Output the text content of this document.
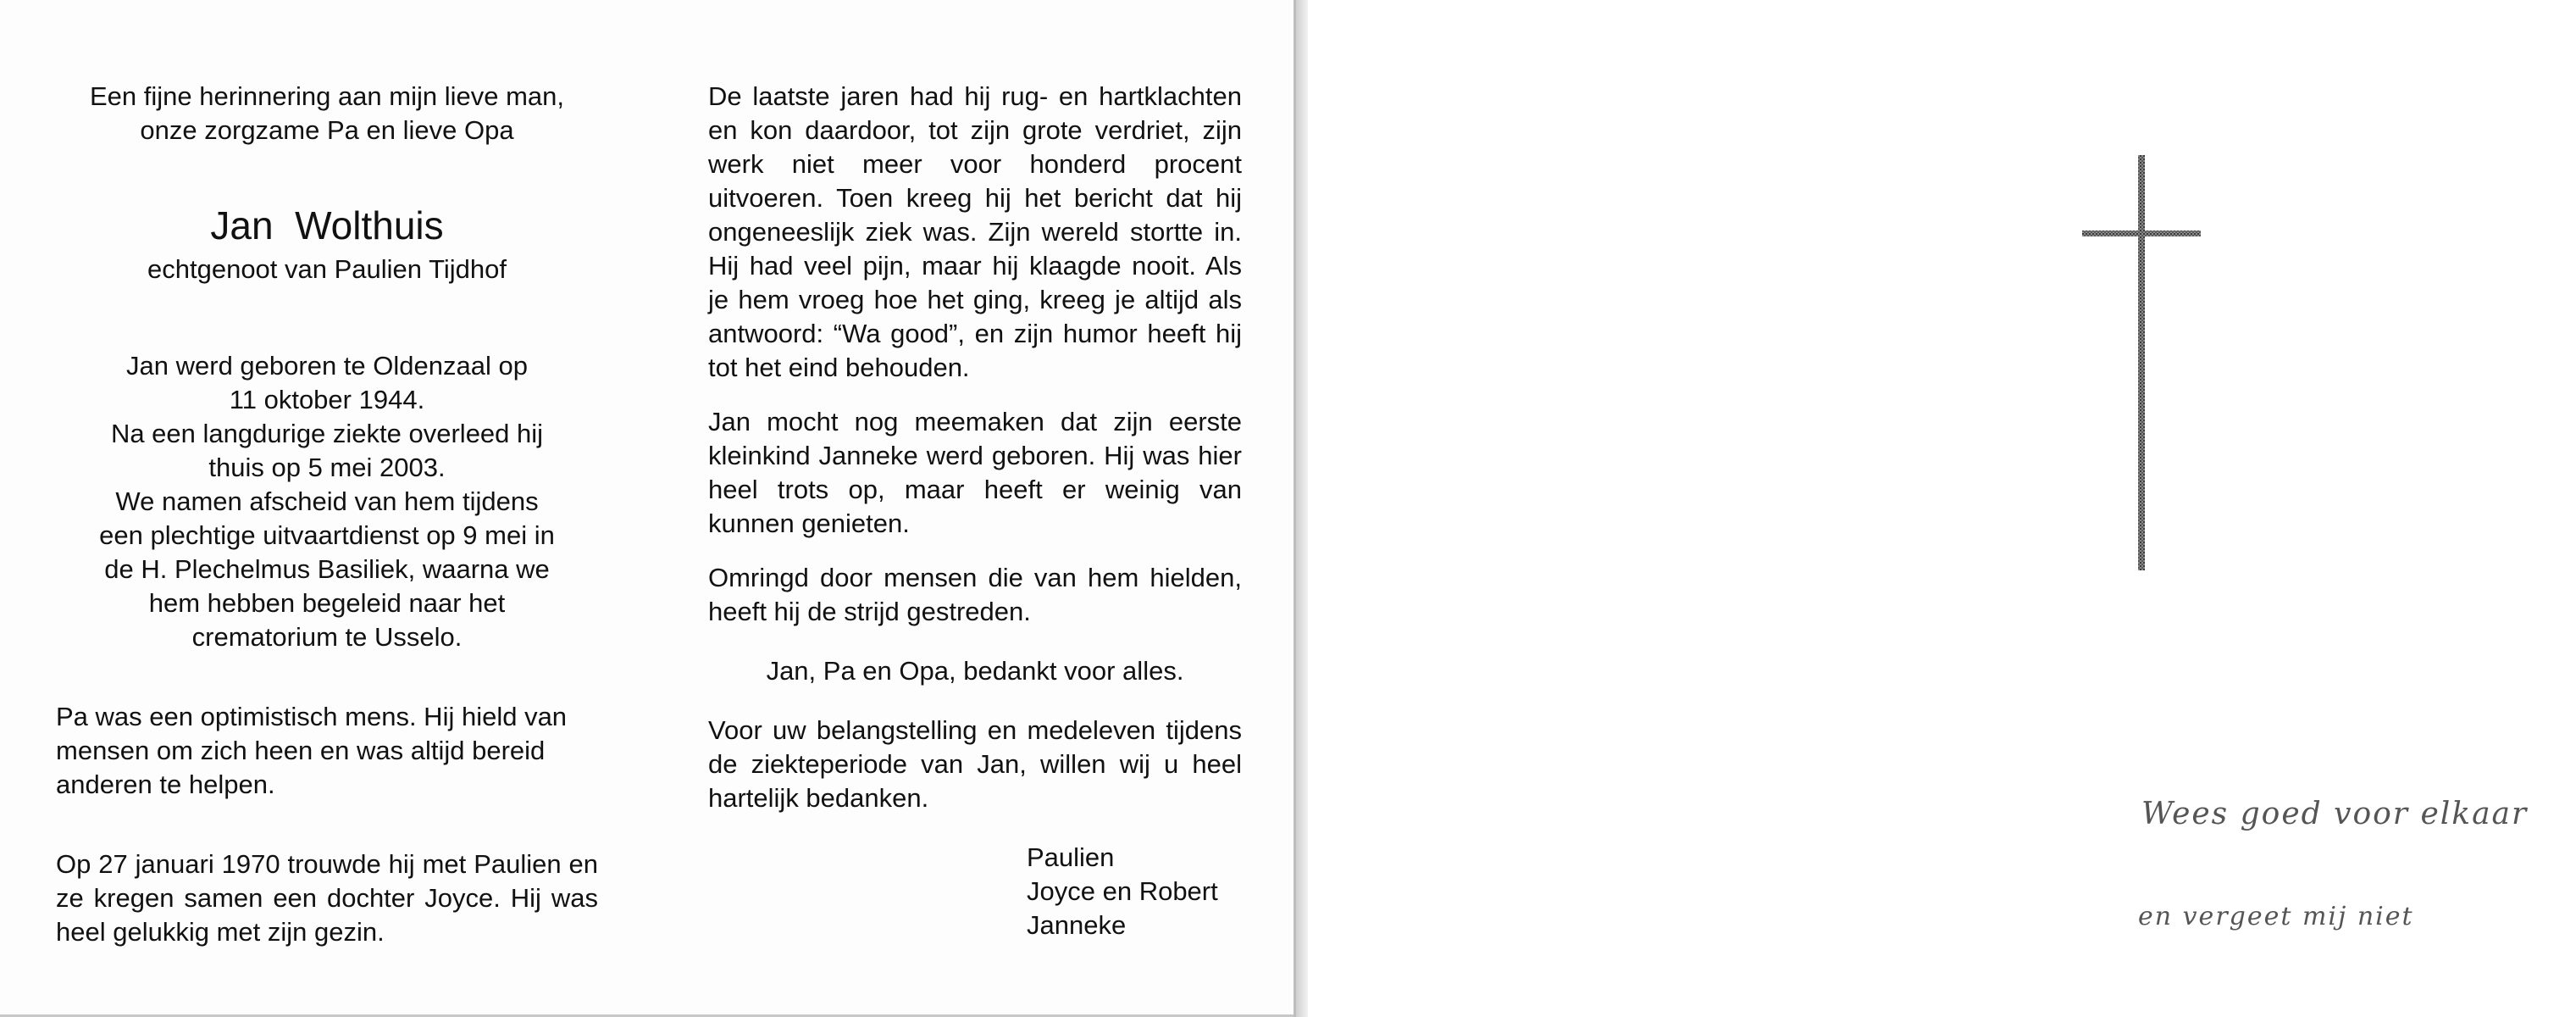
Een fijne herinnering aan mijn lieve man,
onze zorgzame Pa en lieve Opa
Jan  Wolthuis
echtgenoot van Paulien Tijdhof
Jan werd geboren te Oldenzaal op
11 oktober 1944.
Na een langdurige ziekte overleed hij
thuis op 5 mei 2003.
We namen afscheid van hem tijdens
een plechtige uitvaartdienst op 9 mei in
de H. Plechelmus Basiliek, waarna we
hem hebben begeleid naar het
crematorium te Usselo.

Pa was een optimistisch mens. Hij hield van mensen om zich heen en was altijd bereid anderen te helpen.

Op 27 januari 1970 trouwde hij met Paulien en ze kregen samen een dochter Joyce. Hij was heel gelukkig met zijn gezin.

De laatste jaren had hij rug- en hartklachten en kon daardoor, tot zijn grote verdriet, zijn werk niet meer voor honderd procent uitvoeren. Toen kreeg hij het bericht dat hij ongeneeslijk ziek was. Zijn wereld stortte in. Hij had veel pijn, maar hij klaagde nooit. Als je hem vroeg hoe het ging, kreeg je altijd als antwoord: “Wa good”, en zijn humor heeft hij tot het eind behouden.

Jan mocht nog meemaken dat zijn eerste kleinkind Janneke werd geboren. Hij was hier heel trots op, maar heeft er weinig van kunnen genieten.

Omringd door mensen die van hem hielden, heeft hij de strijd gestreden.

Jan, Pa en Opa, bedankt voor alles.

Voor uw belangstelling en medeleven tijdens de ziekteperiode van Jan, willen wij u heel hartelijk bedanken.

Paulien
Joyce en Robert
Janneke
Wees goed voor elkaar
en vergeet mij niet
